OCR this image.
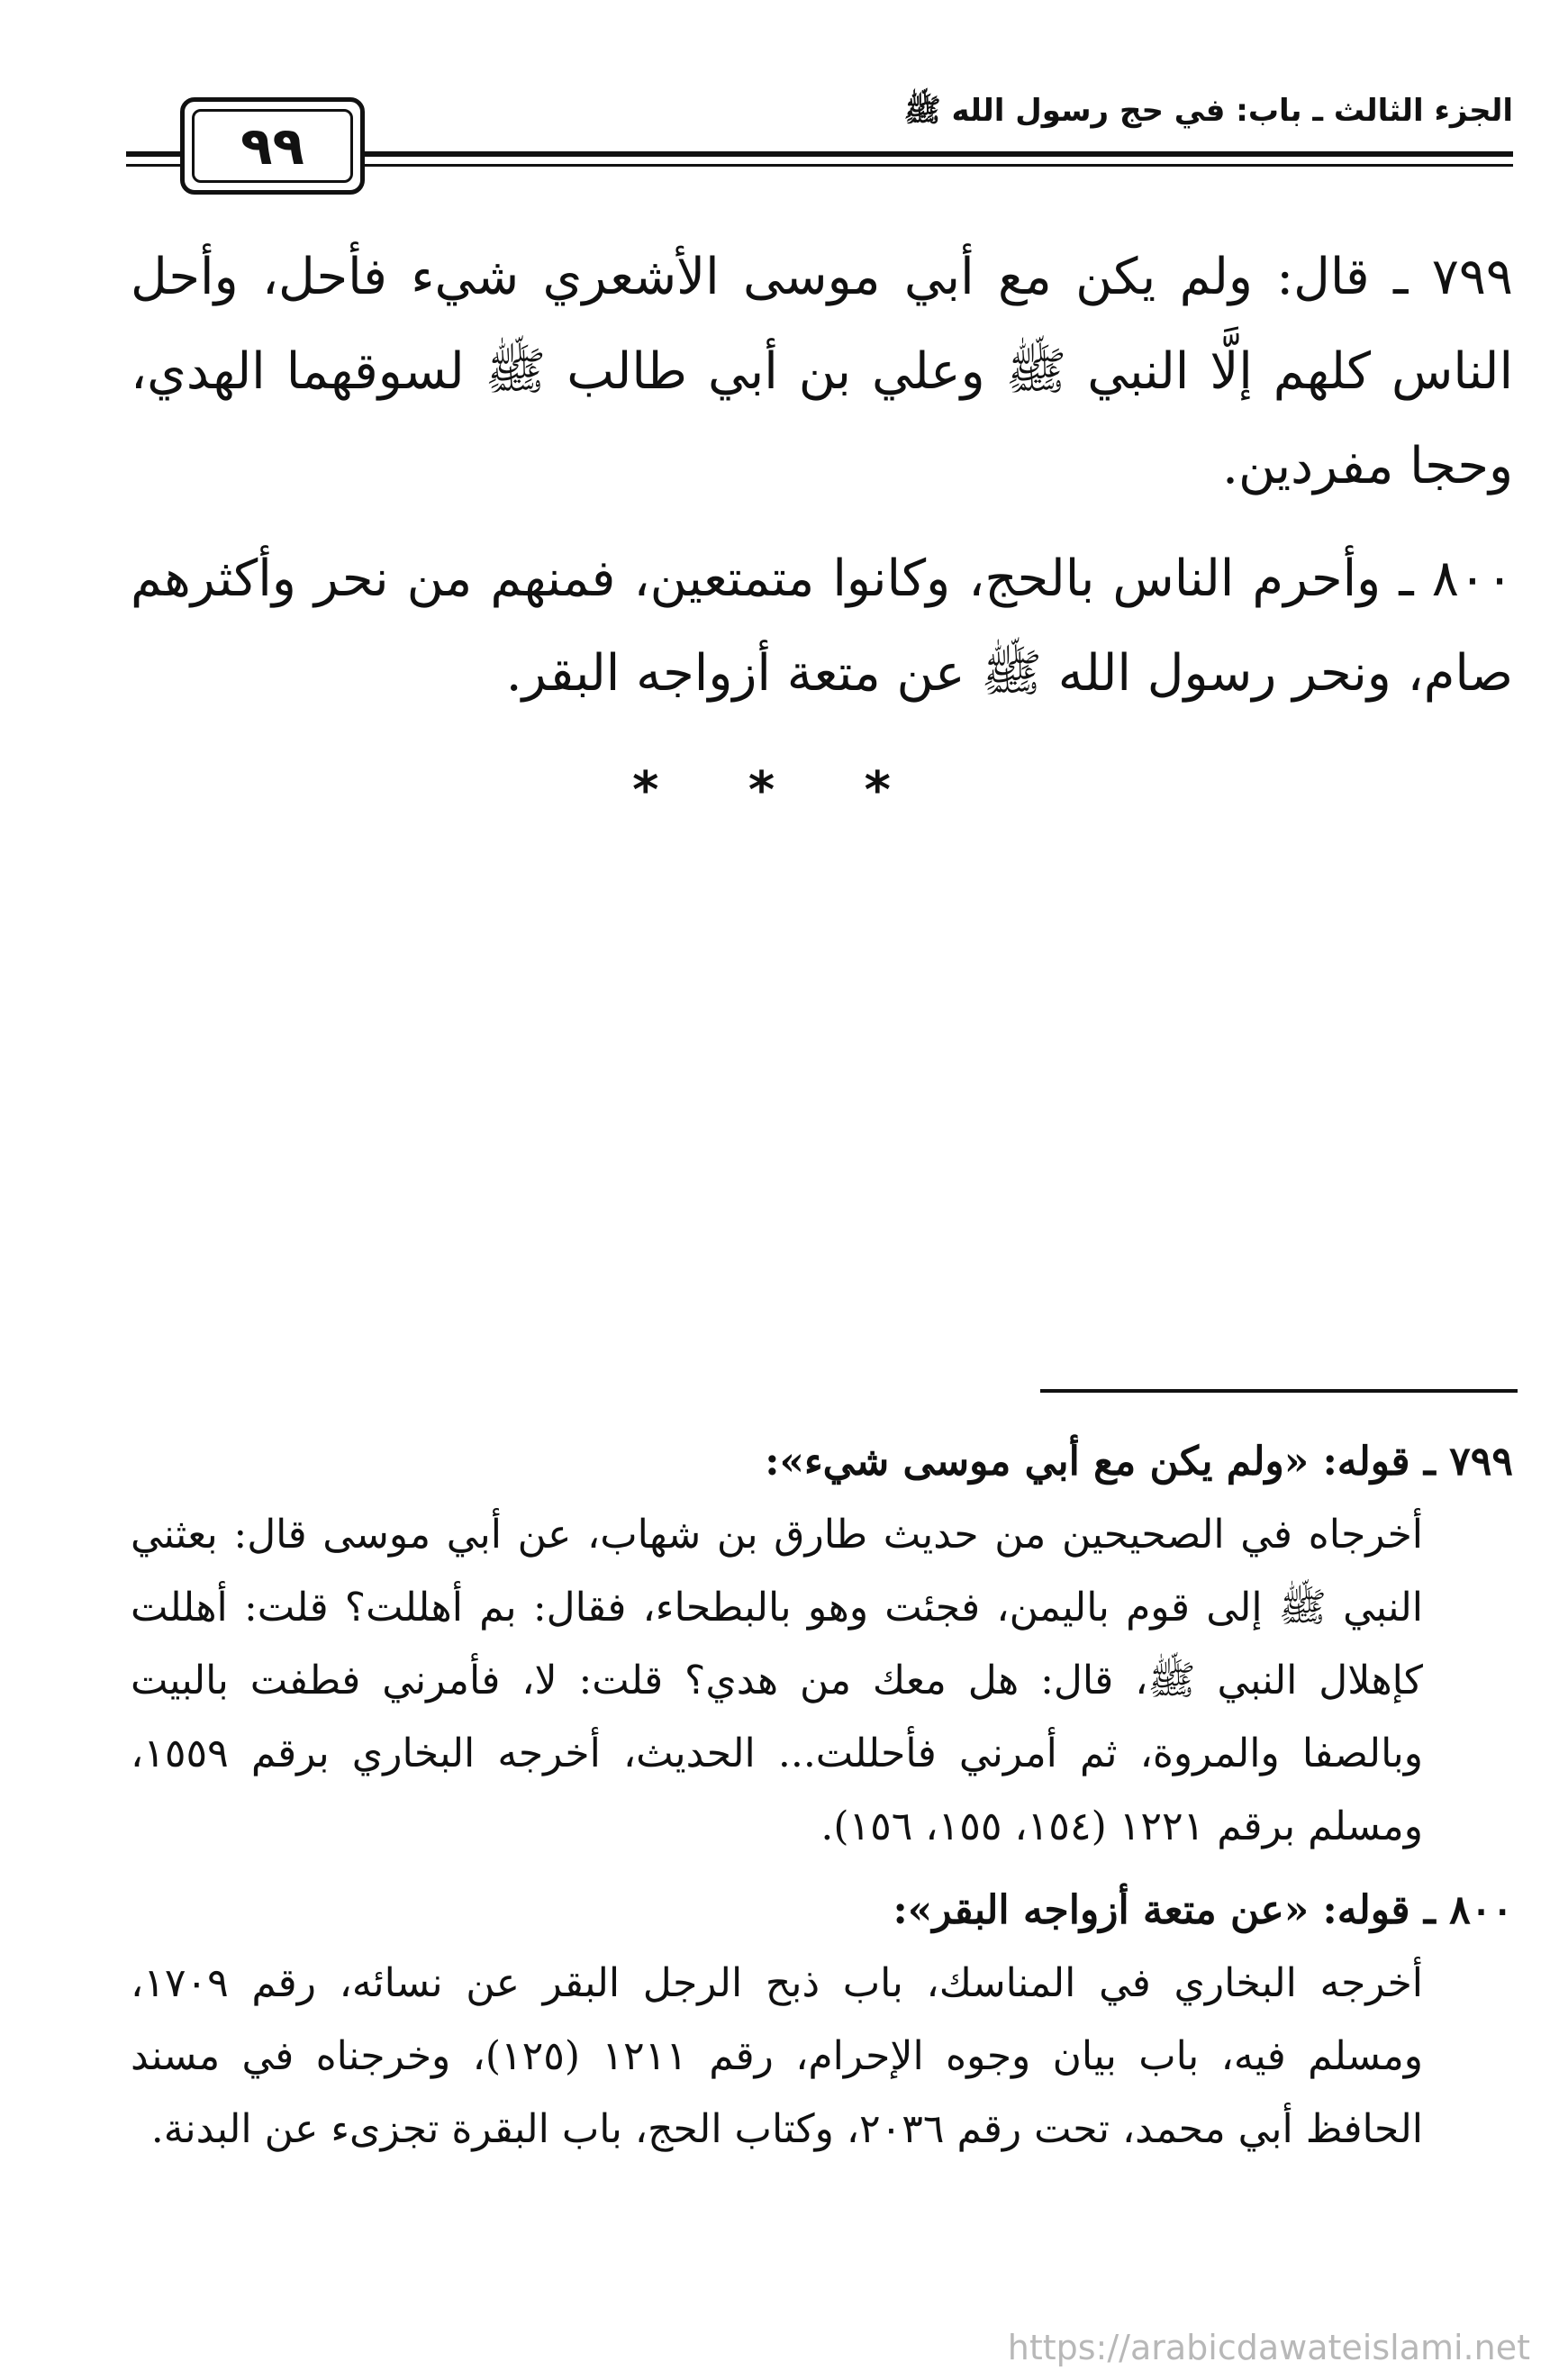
٩٩
الجزء الثالث ـ باب: في حج رسول الله ﷺ

٧٩٩ ـ قال: ولم يكن مع أبي موسى الأشعري شيء فأحل، وأحل الناس كلهم إلَّا النبي ﷺ وعلي بن أبي طالب ﷺ لسوقهما الهدي، وحجا مفردين.

٨٠٠ ـ وأحرم الناس بالحج، وكانوا متمتعين، فمنهم من نحر وأكثرهم صام، ونحر رسول الله ﷺ عن متعة أزواجه البقر.

* * *
٧٩٩ ـ قوله: «ولم يكن مع أبي موسى شيء»:
أخرجاه في الصحيحين من حديث طارق بن شهاب، عن أبي موسى قال: بعثني النبي ﷺ إلى قوم باليمن، فجئت وهو بالبطحاء، فقال: بم أهللت؟ قلت: أهللت كإهلال النبي ﷺ، قال: هل معك من هدي؟ قلت: لا، فأمرني فطفت بالبيت وبالصفا والمروة، ثم أمرني فأحللت... الحديث، أخرجه البخاري برقم ١٥٥٩، ومسلم برقم ١٢٢١ (١٥٤، ١٥٥، ١٥٦).
٨٠٠ ـ قوله: «عن متعة أزواجه البقر»:
أخرجه البخاري في المناسك، باب ذبح الرجل البقر عن نسائه، رقم ١٧٠٩، ومسلم فيه، باب بيان وجوه الإحرام، رقم ١٢١١ (١٢٥)، وخرجناه في مسند الحافظ أبي محمد، تحت رقم ٢٠٣٦، وكتاب الحج، باب البقرة تجزىء عن البدنة.
https://arabicdawateislami.net
